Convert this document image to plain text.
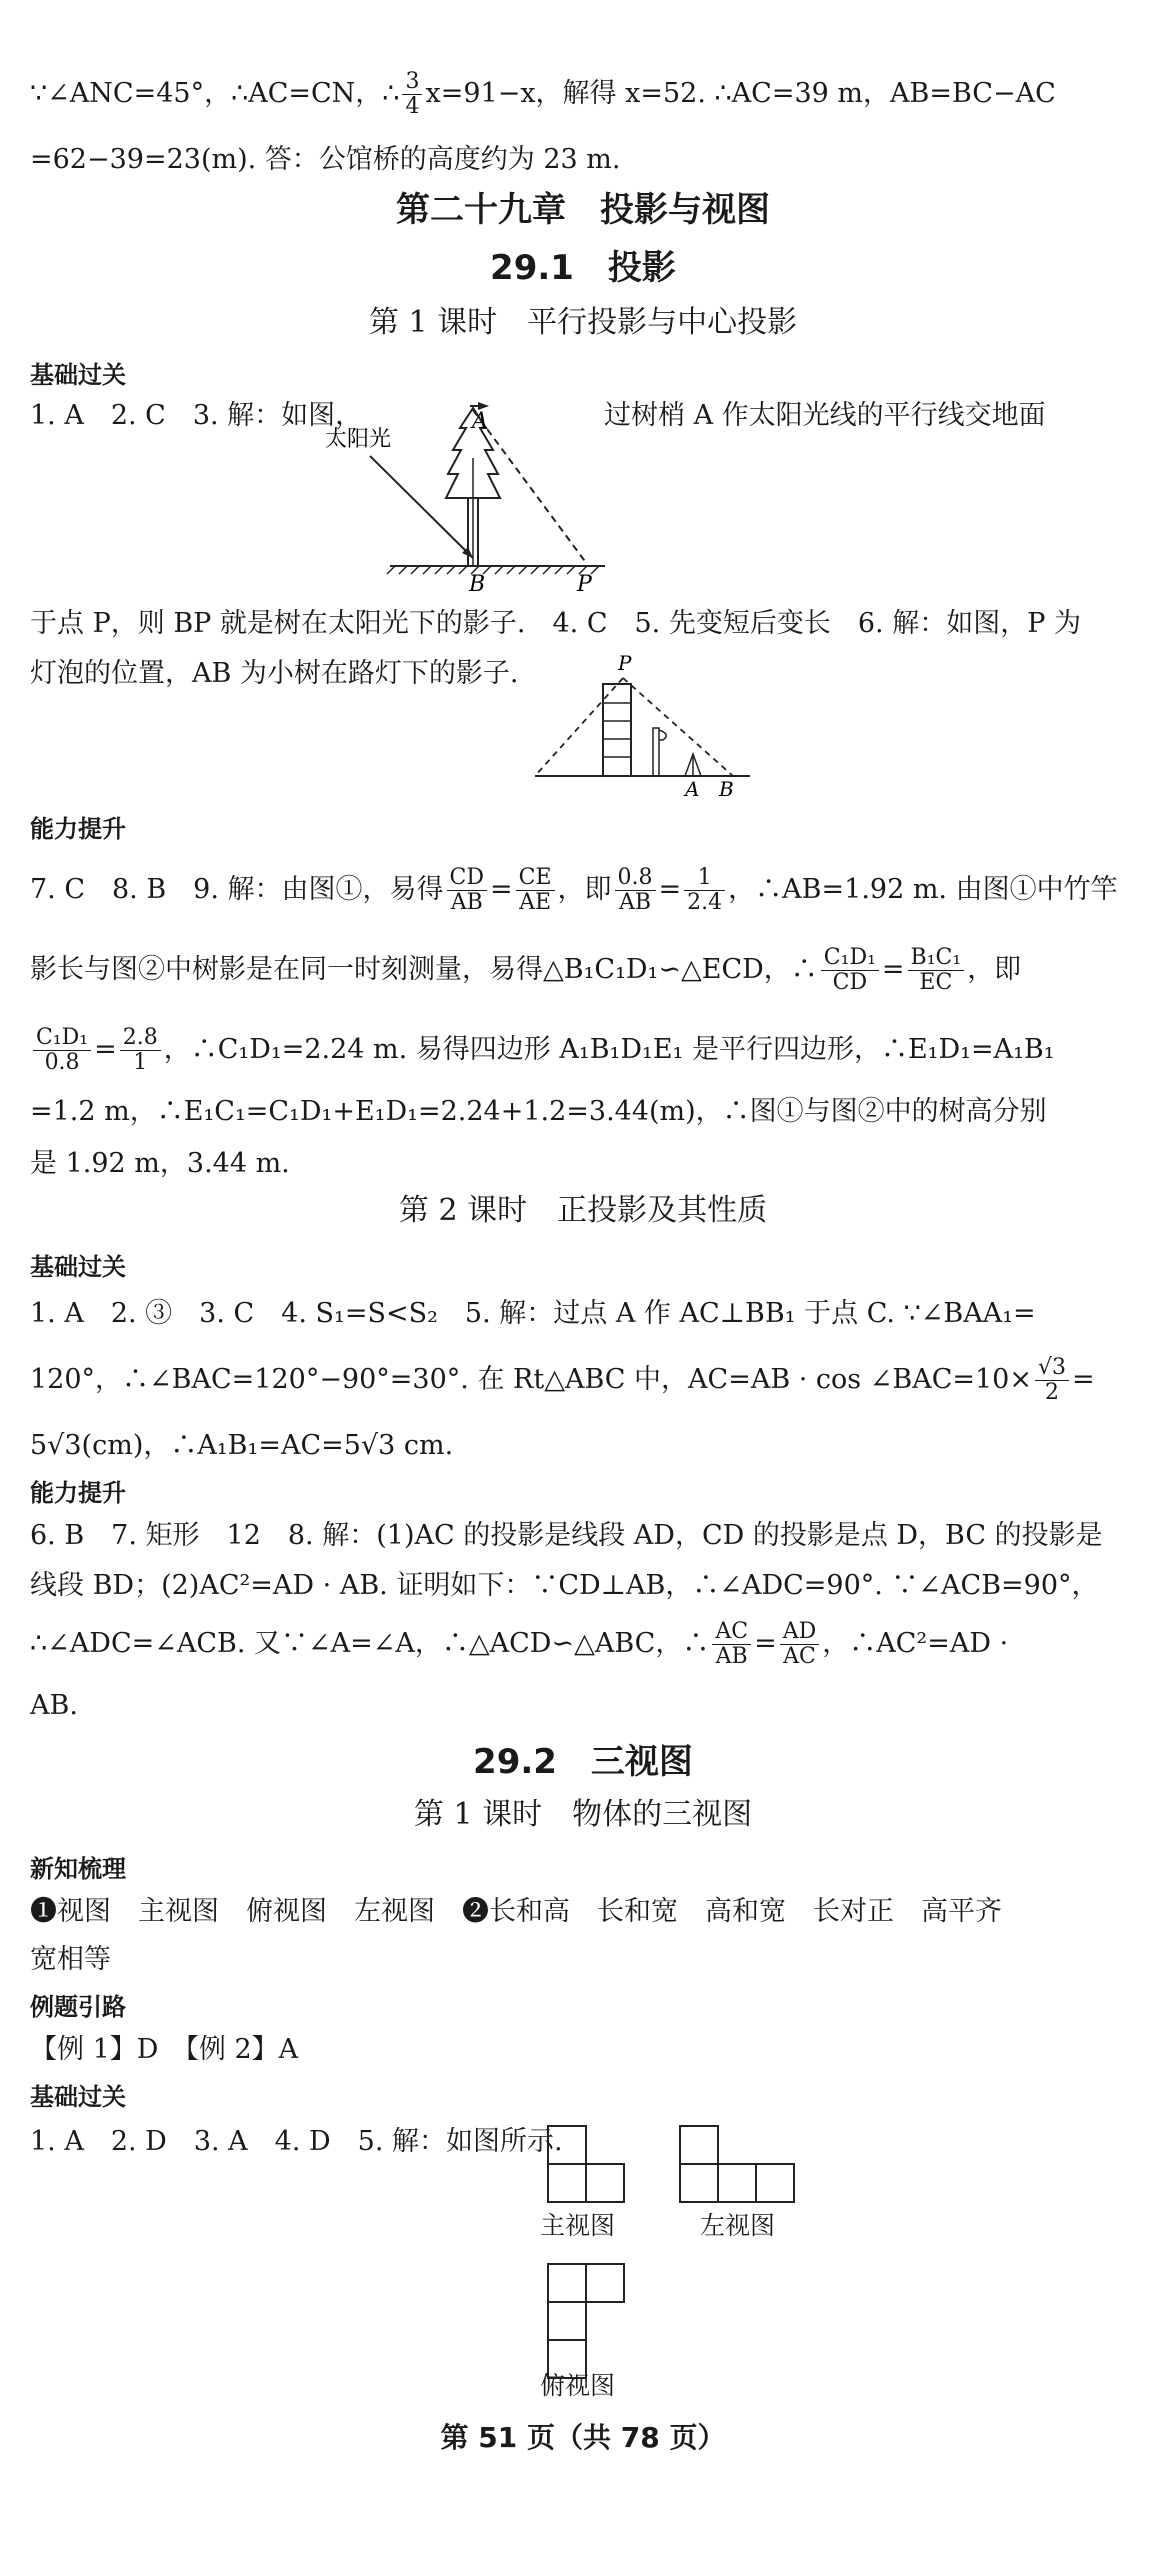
∵∠ANC=45°，∴AC=CN，∴ $\frac{3}{4} x=91-x$，解得 x=52. ∴AC=39 m，AB=BC−AC
=62−39=23(m). 答：公馆桥的高度约为 23 m.
第二十九章　投影与视图
29.1　投影
第 1 课时　平行投影与中心投影
基础过关
1. A　2. C　3. 解：如图，	过树梢 A 作太阳光线的平行线交地面
太阳光
A
B	P
于点 P，则 BP 就是树在太阳光下的影子.　4. C　5. 先变短后变长　6. 解：如图，P 为
灯泡的位置，AB 为小树在路灯下的影子.	P
A B
能力提升
7. C　8. B　9. 解：由图①，易得 $\frac{CD}{AB} = \frac{CE}{AE}$ ，即 $\frac{0.8}{AB} = \frac{1}{2.4}$ ，∴AB=1.92 m. 由图①中竹竿
影长与图②中树影是在同一时刻测量，易得△B₁C₁D₁∽△ECD，∴ $\frac{\text{C₁D₁}}{CD} = \frac{\text{B₁C₁}}{EC}$ ，即
$\frac{\text{C₁D₁}}{0.8} = \frac{2.8}{1}$ ，∴C₁D₁=2.24 m. 易得四边形 A₁B₁D₁E₁ 是平行四边形，∴E₁D₁=A₁B₁
=1.2 m，∴E₁C₁=C₁D₁+E₁D₁=2.24+1.2=3.44(m)，∴图①与图②中的树高分别
是 1.92 m，3.44 m.
第 2 课时　正投影及其性质
基础过关
1. A　2. ③　3. C　4. S₁=S<S₂　5. 解：过点 A 作 AC⊥BB₁ 于点 C. ∵∠BAA₁=
120°，∴∠BAC=120°−90°=30°. 在 Rt△ABC 中，AC=AB · cos ∠BAC=10× $\frac{√3}{2}$ =
5√3(cm)，∴A₁B₁=AC=5√3 cm.
能力提升
6. B　7. 矩形　12　8. 解：(1)AC 的投影是线段 AD，CD 的投影是点 D，BC 的投影是
线段 BD；(2)AC²=AD · AB. 证明如下：∵CD⊥AB，∴∠ADC=90°. ∵∠ACB=90°，
∴∠ADC=∠ACB. 又∵∠A=∠A，∴△ACD∽△ABC，∴ $\frac{AC}{AB} = \frac{AD}{AC}$ ，∴AC²=AD ·
AB.
29.2　三视图
第 1 课时　物体的三视图
新知梳理
❶视图　主视图　俯视图　左视图　❷长和高　长和宽　高和宽　长对正　高平齐
宽相等
例题引路
【例 1】D　【例 2】A
基础过关
1. A　2. D　3. A　4. D　5. 解：如图所示.
主视图	左视图
俯视图
第 51 页（共 78 页）
